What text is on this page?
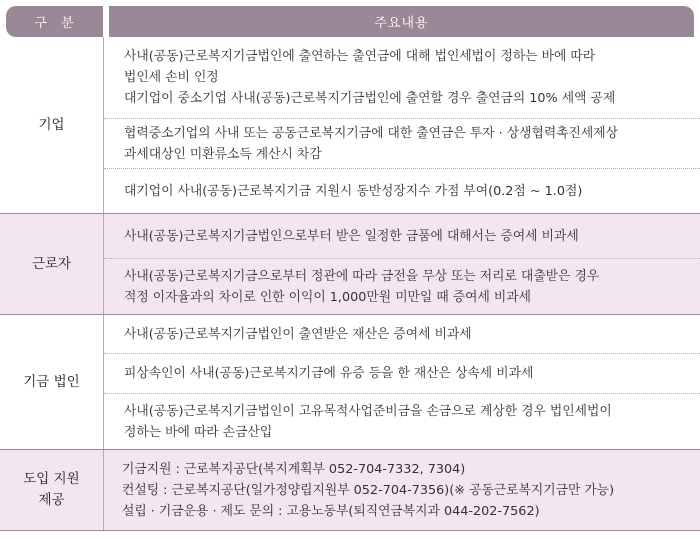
구 분	주요내용
기업
사내(공동)근로복지기금법인에 출연하는 출연금에 대해 법인세법이 정하는 바에 따라
법인세 손비 인정
대기업이 중소기업 사내(공동)근로복지기금법인에 출연할 경우 출연금의 10% 세액 공제
협력중소기업의 사내 또는 공동근로복지기금에 대한 출연금은 투자 · 상생협력촉진세제상
과세대상인 미환류소득 계산시 차감
대기업이 사내(공동)근로복지기금 지원시 동반성장지수 가점 부여(0.2점 ~ 1.0점)
근로자
사내(공동)근로복지기금법인으로부터 받은 일정한 금품에 대해서는 증여세 비과세
사내(공동)근로복지기금으로부터 정관에 따라 금전을 무상 또는 저리로 대출받은 경우
적정 이자율과의 차이로 인한 이익이 1,000만원 미만일 때 증여세 비과세
기금 법인
사내(공동)근로복지기금법인이 출연받은 재산은 증여세 비과세
피상속인이 사내(공동)근로복지기금에 유증 등을 한 재산은 상속세 비과세
사내(공동)근로복지기금법인이 고유목적사업준비금을 손금으로 계상한 경우 법인세법이
정하는 바에 따라 손금산입
도입 지원
제공
기금지원 : 근로복지공단(복지계획부 052-704-7332, 7304)
컨설팅 : 근로복지공단(일가정양립지원부 052-704-7356)(※ 공동근로복지기금만 가능)
설립 · 기금운용 · 제도 문의 : 고용노동부(퇴직연금복지과 044-202-7562)
